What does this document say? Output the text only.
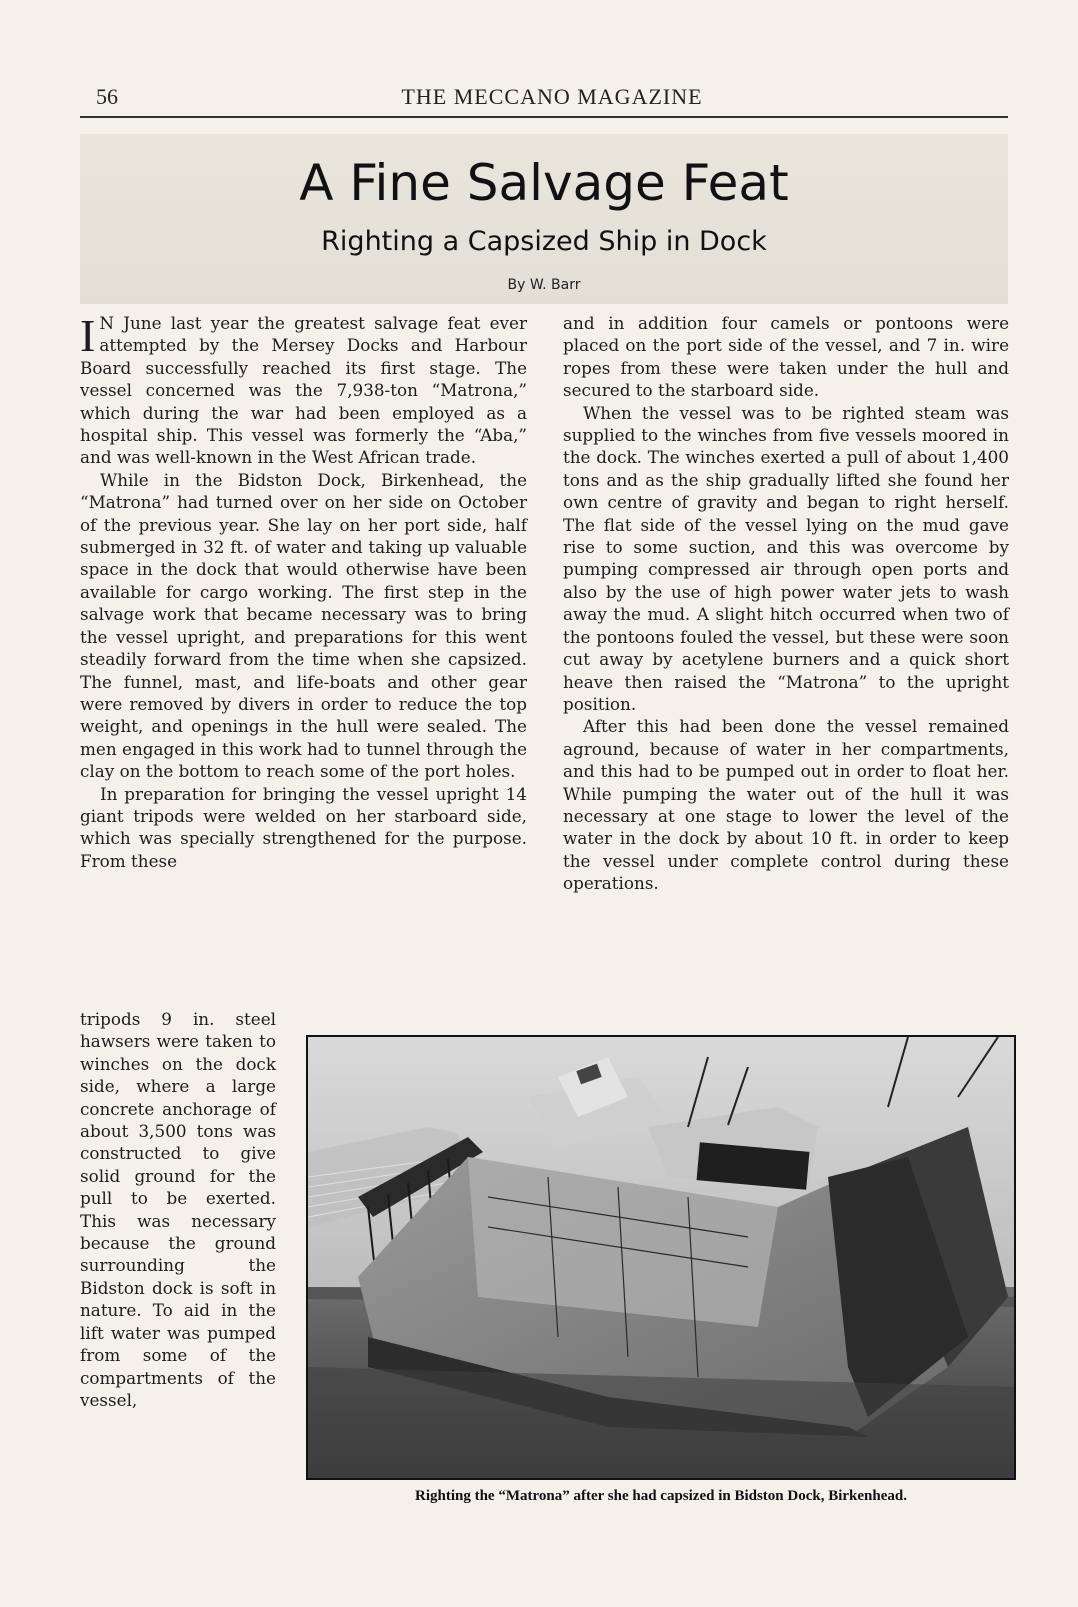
56	THE MECCANO MAGAZINE
A Fine Salvage Feat
Righting a Capsized Ship in Dock
By W. Barr

I N June last year the greatest salvage feat ever attempted by the Mersey Docks and Harbour Board successfully reached its first stage. The vessel concerned was the 7,938-ton “Matrona,” which during the war had been employed as a hospital ship. This vessel was formerly the “Aba,” and was well-known in the West African trade.

While in the Bidston Dock, Birkenhead, the “Matrona” had turned over on her side on October of the previous year. She lay on her port side, half submerged in 32 ft. of water and taking up valuable space in the dock that would otherwise have been available for cargo working. The first step in the salvage work that became necessary was to bring the vessel upright, and preparations for this went steadily forward from the time when she capsized. The funnel, mast, and life-boats and other gear were removed by divers in order to reduce the top weight, and openings in the hull were sealed. The men engaged in this work had to tunnel through the clay on the bottom to reach some of the port holes.

In preparation for bringing the vessel upright 14 giant tripods were welded on her starboard side, which was specially strengthened for the purpose. From these

tripods 9 in. steel hawsers were taken to winches on the dock side, where a large concrete anchorage of about 3,500 tons was constructed to give solid ground for the pull to be exerted. This was necessary because the ground surrounding the Bidston dock is soft in nature. To aid in the lift water was pumped from some of the compartments of the vessel,

and in addition four camels or pontoons were placed on the port side of the vessel, and 7 in. wire ropes from these were taken under the hull and secured to the starboard side.

When the vessel was to be righted steam was supplied to the winches from five vessels moored in the dock. The winches exerted a pull of about 1,400 tons and as the ship gradually lifted she found her own centre of gravity and began to right herself. The flat side of the vessel lying on the mud gave rise to some suction, and this was overcome by pumping compressed air through open ports and also by the use of high power water jets to wash away the mud. A slight hitch occurred when two of the pontoons fouled the vessel, but these were soon cut away by acetylene burners and a quick short heave then raised the “Matrona” to the upright position.

After this had been done the vessel remained aground, because of water in her compartments, and this had to be pumped out in order to float her. While pumping the water out of the hull it was necessary at one stage to lower the level of the water in the dock by about 10 ft. in order to keep the vessel under complete control during these operations.

Righting the “Matrona” after she had capsized in Bidston Dock, Birkenhead.
